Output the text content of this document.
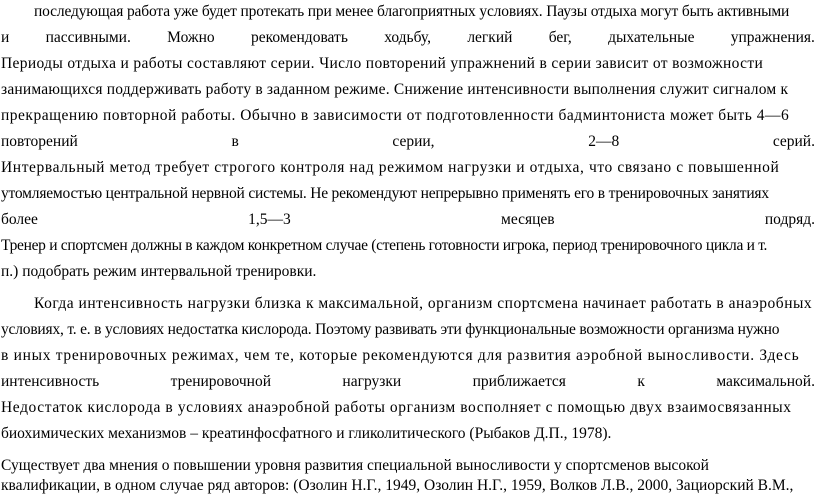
последующая работа уже будет протекать при менее благоприятных условиях. Паузы отдыха могут быть активными
и пассивными. Можно рекомендовать ходьбу, легкий бег, дыхательные упражнения.
Периоды отдыха и работы составляют серии. Число повторений упражнений в серии зависит от возможности
занимающихся поддерживать работу в заданном режиме. Снижение интенсивности выполнения служит сигналом к
прекращению повторной работы. Обычно в зависимости от подготовленности бадминтониста может быть 4—6
повторений	в	серии,	2—8	серий.
Интервальный метод требует строгого контроля над режимом нагрузки и отдыха, что связано с повышенной
утомляемостью центральной нервной системы. Не рекомендуют непрерывно применять его в тренировочных занятиях
более	1,5—3	месяцев	подряд.
Тренер и спортсмен должны в каждом конкретном случае (степень готовности игрока, период тренировочного цикла и т.
п.) подобрать режим интервальной тренировки.
Когда интенсивность нагрузки близка к максимальной, организм спортсмена начинает работать в анаэробных
условиях, т. е. в условиях недостатка кислорода. Поэтому развивать эти функциональные возможности организма нужно
в иных тренировочных режимах, чем те, которые рекомендуются для развития аэробной выносливости. Здесь
интенсивность	тренировочной	нагрузки	приближается	к	максимальной.
Недостаток кислорода в условиях анаэробной работы организм восполняет с помощью двух взаимосвязанных
биохимических механизмов – креатинфосфатного и гликолитического (Рыбаков Д.П., 1978).
Существует два мнения о повышении уровня развития специальной выносливости у спортсменов высокой
квалификации, в одном случае ряд авторов: (Озолин Н.Г., 1949, Озолин Н.Г., 1959, Волков Л.В., 2000, Зациорский В.М.,
